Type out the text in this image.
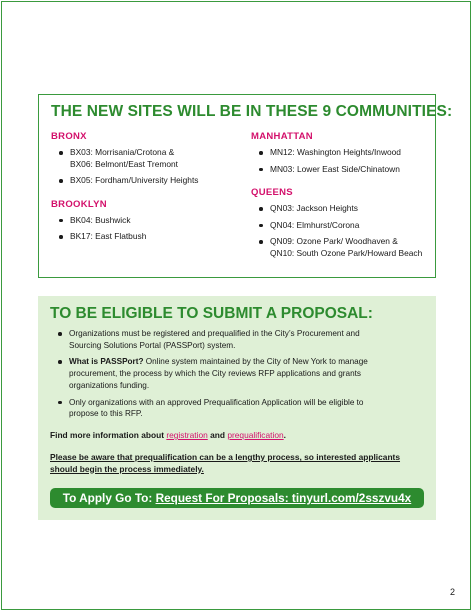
THE NEW SITES WILL BE IN THESE 9 COMMUNITIES:

BRONX

BX03: Morrisania/Crotona &
BX06: Belmont/East Tremont
BX05: Fordham/University Heights

BROOKLYN

BK04: Bushwick
BK17: East Flatbush

MANHATTAN

MN12: Washington Heights/Inwood
MN03: Lower East Side/Chinatown

QUEENS

QN03: Jackson Heights
QN04: Elmhurst/Corona
QN09: Ozone Park/ Woodhaven &
QN10: South Ozone Park/Howard Beach
TO BE ELIGIBLE TO SUBMIT A PROPOSAL:
Organizations must be registered and prequalified in the City’s Procurement and
Sourcing Solutions Portal (PASSPort) system.
What is PASSPort? Online system maintained by the City of New York to manage
procurement, the process by which the City reviews RFP applications and grants
organizations funding.
Only organizations with an approved Prequalification Application will be eligible to
propose to this RFP.

Find more information about registration and prequalification.

Please be aware that prequalification can be a lengthy process, so interested applicants
should begin the process immediately.

To Apply Go To: Request For Proposals: tinyurl.com/2sszvu4x
2
